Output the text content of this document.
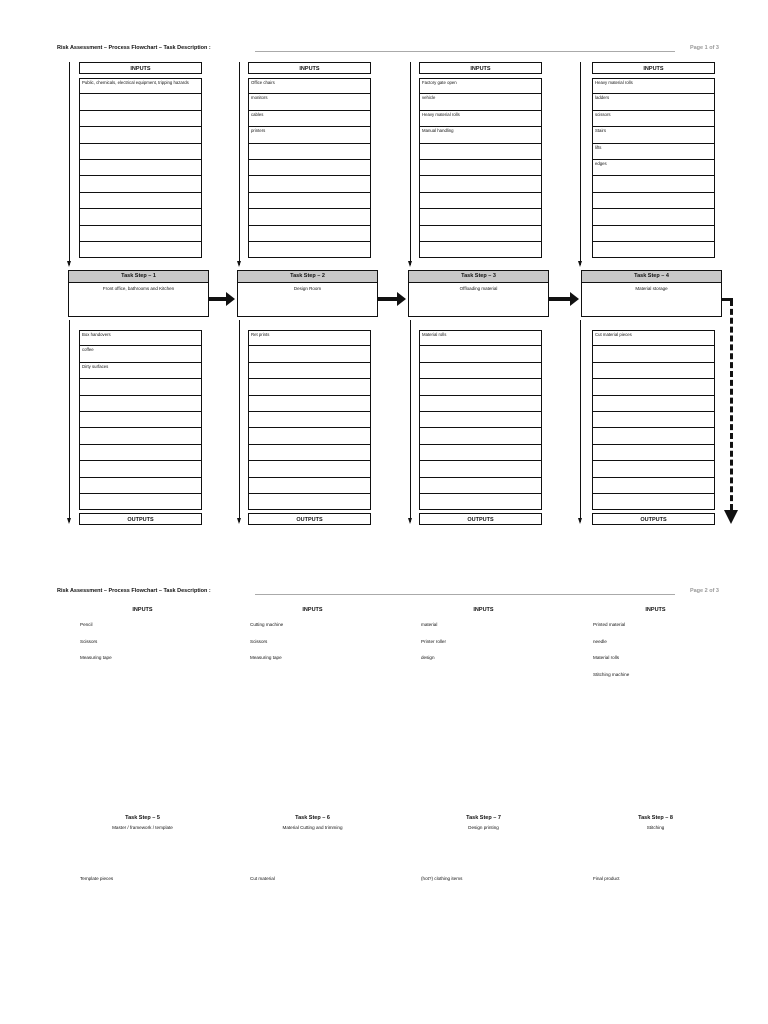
Risk Assessment – Process Flowchart – Task Description :	Page 1 of 3
INPUTS
Public, chemicals, electrical equipment, tripping hazards
Task Step – 1
Front office, bathrooms and Kitchen
Box handovers
coffee
Dirty surfaces
OUTPUTS
INPUTS
Office chairs
monitors
cables
printers
Task Step – 2
Design Room
Ret prints
OUTPUTS
INPUTS
Factory gate open
vehicle
Heavy material rolls
Manual handling
Task Step – 3
Offloading material
Material rolls
OUTPUTS
INPUTS
Heavy material rolls
ladders
scissors
Stairs
lifts
edges
Task Step – 4
Material storage
Cut material pieces
OUTPUTS
Risk Assessment – Process Flowchart – Task Description :	Page 2 of 3
INPUTS
Pencil
Scissors
Measuring tape
Task Step – 5
Master / framework / template
Template pieces
INPUTS
Cutting machine
Scissors
Measuring tape
Task Step – 6
Material Cutting and trimming
Cut material
INPUTS
material
Printer roller
design
Task Step – 7
Design printing
(hot?) clothing items
INPUTS
Printed material
needle
Material rolls
Stitching machine
Task Step – 8
Stitching
Final product
